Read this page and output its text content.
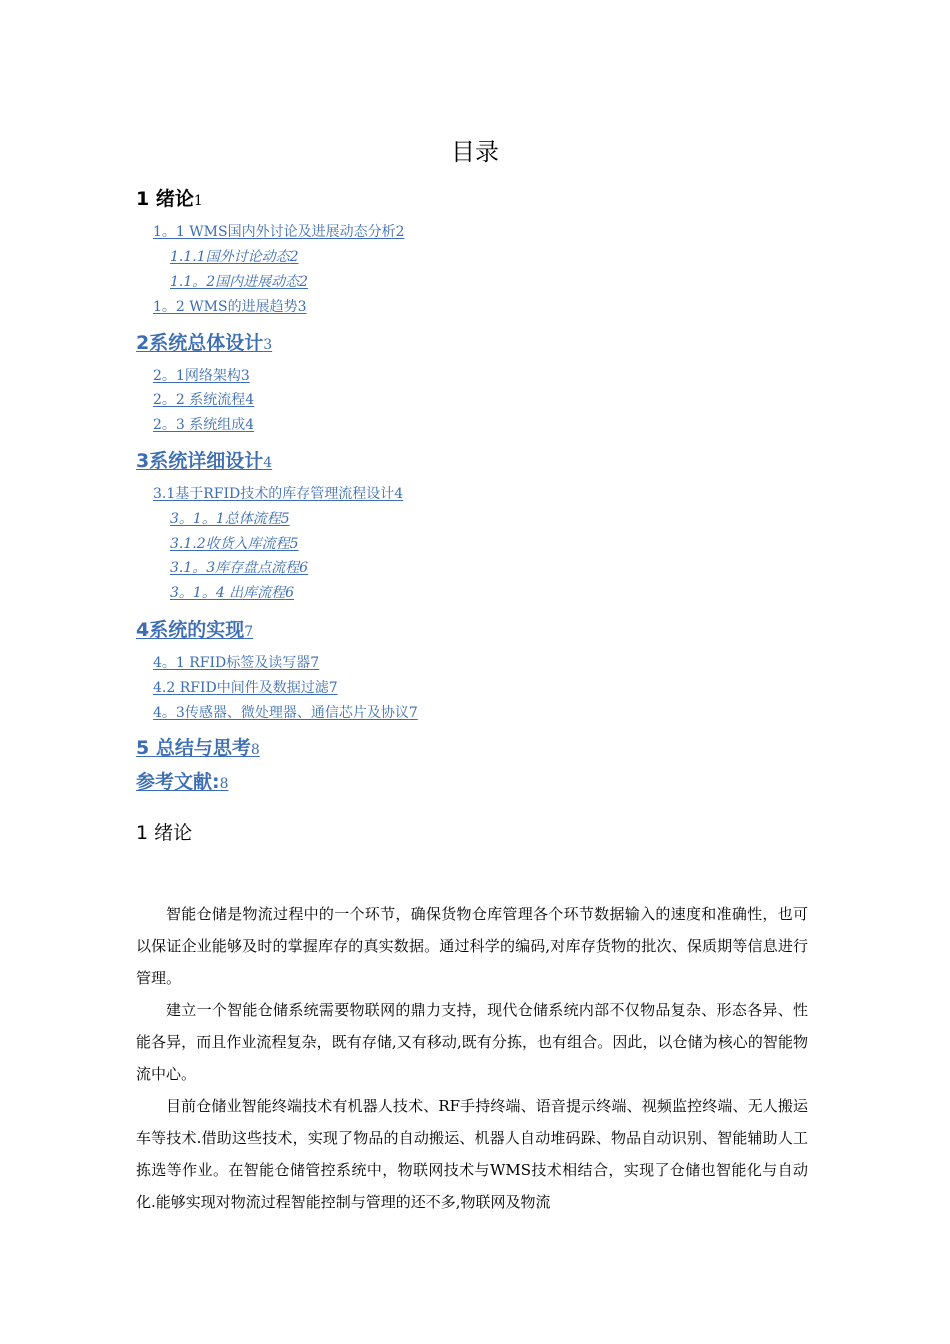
目录
1 绪论1
1。1 WMS国内外讨论及进展动态分析2
1.1.1国外讨论动态2
1.1。2国内进展动态2
1。2 WMS的进展趋势3
2系统总体设计3
2。1网络架构3
2。2 系统流程4
2。3 系统组成4
3系统详细设计4
3.1基于RFID技术的库存管理流程设计4
3。1。1总体流程5
3.1.2收货入库流程5
3.1。3库存盘点流程6
3。1。4 出库流程6
4系统的实现7
4。1 RFID标签及读写器7
4.2 RFID中间件及数据过滤7
4。3传感器、微处理器、通信芯片及协议7
5 总结与思考8
参考文献:8
1 绪论

智能仓储是物流过程中的一个环节，确保货物仓库管理各个环节数据输入的速度和准确性，也可以保证企业能够及时的掌握库存的真实数据。通过科学的编码,对库存货物的批次、保质期等信息进行管理。

建立一个智能仓储系统需要物联网的鼎力支持，现代仓储系统内部不仅物品复杂、形态各异、性能各异，而且作业流程复杂，既有存储,又有移动,既有分拣，也有组合。因此，以仓储为核心的智能物流中心。

目前仓储业智能终端技术有机器人技术、RF手持终端、语音提示终端、视频监控终端、无人搬运车等技术.借助这些技术，实现了物品的自动搬运、机器人自动堆码跺、物品自动识别、智能辅助人工拣选等作业。在智能仓储管控系统中，物联网技术与WMS技术相结合，实现了仓储也智能化与自动化.能够实现对物流过程智能控制与管理的还不多,物联网及物流
